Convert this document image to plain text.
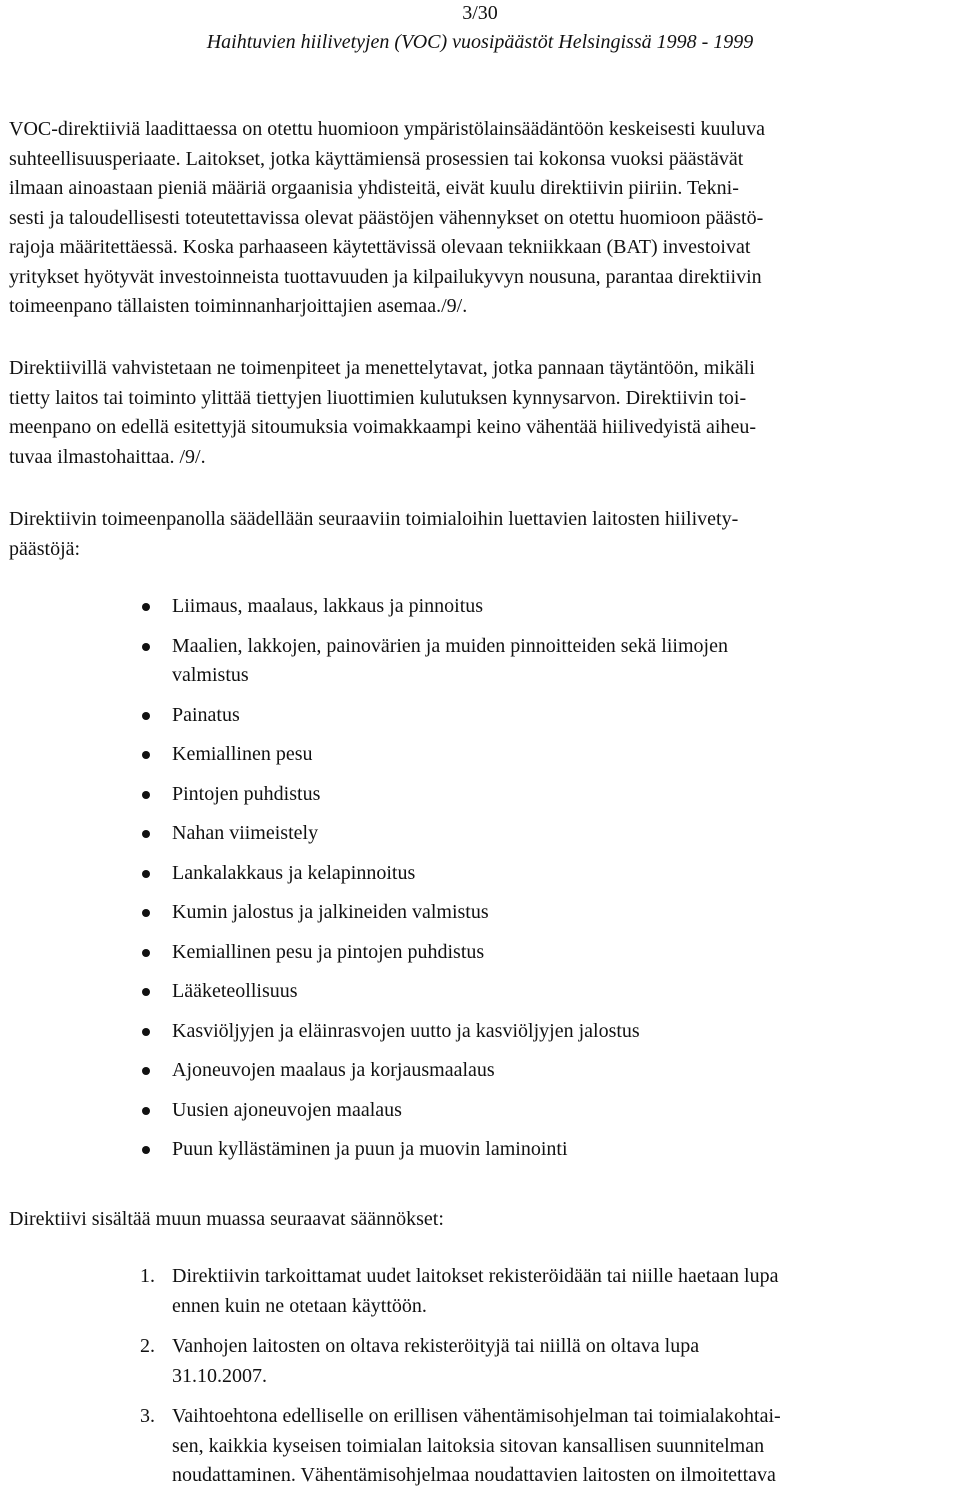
3/30
Haihtuvien hiilivetyjen (VOC) vuosipäästöt Helsingissä 1998 - 1999

VOC-direktiiviä laadittaessa on otettu huomioon ympäristölainsäädäntöön keskeisesti kuuluva
suhteellisuusperiaate. Laitokset, jotka käyttämiensä prosessien tai kokonsa vuoksi päästävät
ilmaan ainoastaan pieniä määriä orgaanisia yhdisteitä, eivät kuulu direktiivin piiriin. Tekni-
sesti ja taloudellisesti toteutettavissa olevat päästöjen vähennykset on otettu huomioon päästö-
rajoja määritettäessä. Koska parhaaseen käytettävissä olevaan tekniikkaan (BAT) investoivat
yritykset hyötyvät investoinneista tuottavuuden ja kilpailukyvyn nousuna, parantaa direktiivin
toimeenpano tällaisten toiminnanharjoittajien asemaa./9/.

Direktiivillä vahvistetaan ne toimenpiteet ja menettelytavat, jotka pannaan täytäntöön, mikäli
tietty laitos tai toiminto ylittää tiettyjen liuottimien kulutuksen kynnysarvon. Direktiivin toi-
meenpano on edellä esitettyjä sitoumuksia voimakkaampi keino vähentää hiilivedyistä aiheu-
tuvaa ilmastohaittaa. /9/.

Direktiivin toimeenpanolla säädellään seuraaviin toimialoihin luettavien laitosten hiilivety-
päästöjä:

Liimaus, maalaus, lakkaus ja pinnoitus
Maalien, lakkojen, painovärien ja muiden pinnoitteiden sekä liimojen
valmistus
Painatus
Kemiallinen pesu
Pintojen puhdistus
Nahan viimeistely
Lankalakkaus ja kelapinnoitus
Kumin jalostus ja jalkineiden valmistus
Kemiallinen pesu ja pintojen puhdistus
Lääketeollisuus
Kasviöljyjen ja eläinrasvojen uutto ja kasviöljyjen jalostus
Ajoneuvojen maalaus ja korjausmaalaus
Uusien ajoneuvojen maalaus
Puun kyllästäminen ja puun ja muovin laminointi

Direktiivi sisältää muun muassa seuraavat säännökset:

1. Direktiivin tarkoittamat uudet laitokset rekisteröidään tai niille haetaan lupa
ennen kuin ne otetaan käyttöön.
2. Vanhojen laitosten on oltava rekisteröityjä tai niillä on oltava lupa
31.10.2007.
3. Vaihtoehtona edelliselle on erillisen vähentämisohjelman tai toimialakohtai-
sen, kaikkia kyseisen toimialan laitoksia sitovan kansallisen suunnitelman
noudattaminen. Vähentämisohjelmaa noudattavien laitosten on ilmoitettava
